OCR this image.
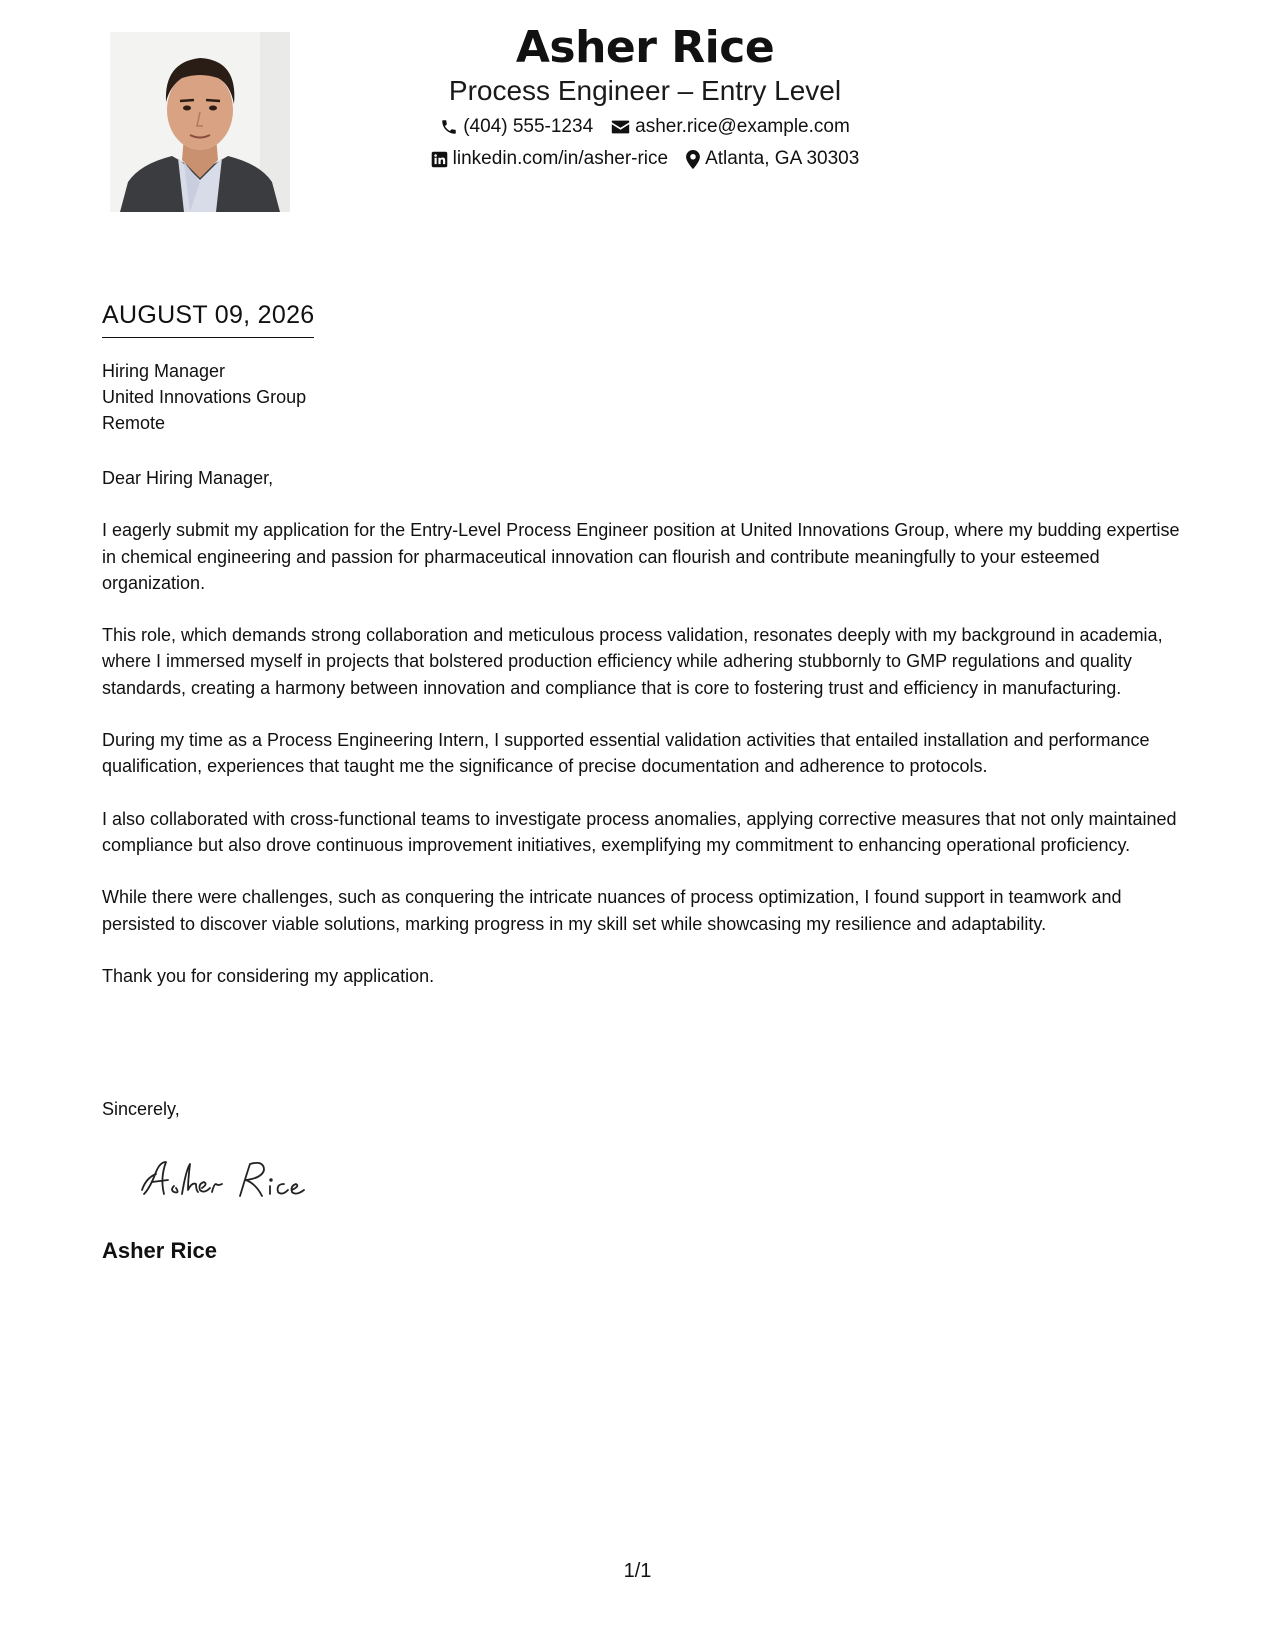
Asher Rice
Process Engineer – Entry Level
(404) 555-1234 asher.rice@example.com
linkedin.com/in/asher-rice Atlanta, GA 30303
AUGUST 09, 2026
Hiring Manager
United Innovations Group
Remote

Dear Hiring Manager,

I eagerly submit my application for the Entry-Level Process Engineer position at United Innovations Group, where my budding expertise in chemical engineering and passion for pharmaceutical innovation can flourish and contribute meaningfully to your esteemed organization.

This role, which demands strong collaboration and meticulous process validation, resonates deeply with my background in academia, where I immersed myself in projects that bolstered production efficiency while adhering stubbornly to GMP regulations and quality standards, creating a harmony between innovation and compliance that is core to fostering trust and efficiency in manufacturing.

During my time as a Process Engineering Intern, I supported essential validation activities that entailed installation and performance qualification, experiences that taught me the significance of precise documentation and adherence to protocols.

I also collaborated with cross-functional teams to investigate process anomalies, applying corrective measures that not only maintained compliance but also drove continuous improvement initiatives, exemplifying my commitment to enhancing operational proficiency.

While there were challenges, such as conquering the intricate nuances of process optimization, I found support in teamwork and persisted to discover viable solutions, marking progress in my skill set while showcasing my resilience and adaptability.

Thank you for considering my application.

Sincerely,
Asher Rice
1/1
